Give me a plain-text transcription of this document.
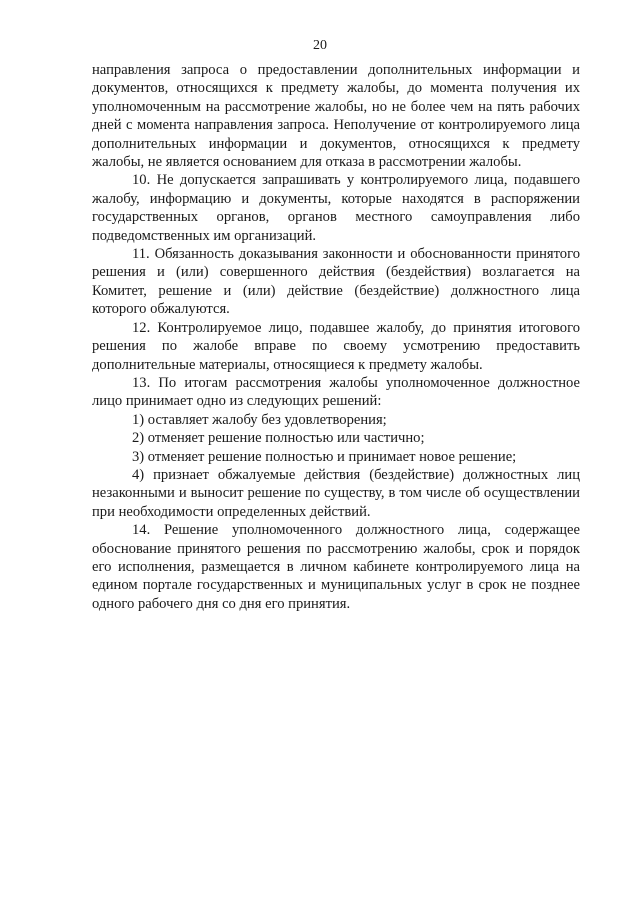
20

направления запроса о предоставлении дополнительных информации и документов, относящихся к предмету жалобы, до момента получения их уполномоченным на рассмотрение жалобы, но не более чем на пять рабочих дней с момента направления запроса. Неполучение от контролируемого лица дополнительных информации и документов, относящихся к предмету жалобы, не является основанием для отказа в рассмотрении жалобы.

10. Не допускается запрашивать у контролируемого лица, подавшего жалобу, информацию и документы, которые находятся в распоряжении государственных органов, органов местного самоуправления либо подведомственных им организаций.

11. Обязанность доказывания законности и обоснованности принятого решения и (или) совершенного действия (бездействия) возлагается на Комитет, решение и (или) действие (бездействие) должностного лица которого обжалуются.

12. Контролируемое лицо, подавшее жалобу, до принятия итогового решения по жалобе вправе по своему усмотрению предоставить дополнительные материалы, относящиеся к предмету жалобы.

13. По итогам рассмотрения жалобы уполномоченное должностное лицо принимает одно из следующих решений:

1) оставляет жалобу без удовлетворения;

2) отменяет решение полностью или частично;

3) отменяет решение полностью и принимает новое решение;

4) признает обжалуемые действия (бездействие) должностных лиц незаконными и выносит решение по существу, в том числе об осуществлении при необходимости определенных действий.

14. Решение уполномоченного должностного лица, содержащее обоснование принятого решения по рассмотрению жалобы, срок и порядок его исполнения, размещается в личном кабинете контролируемого лица на едином портале государственных и муниципальных услуг в срок не позднее одного рабочего дня со дня его принятия.
